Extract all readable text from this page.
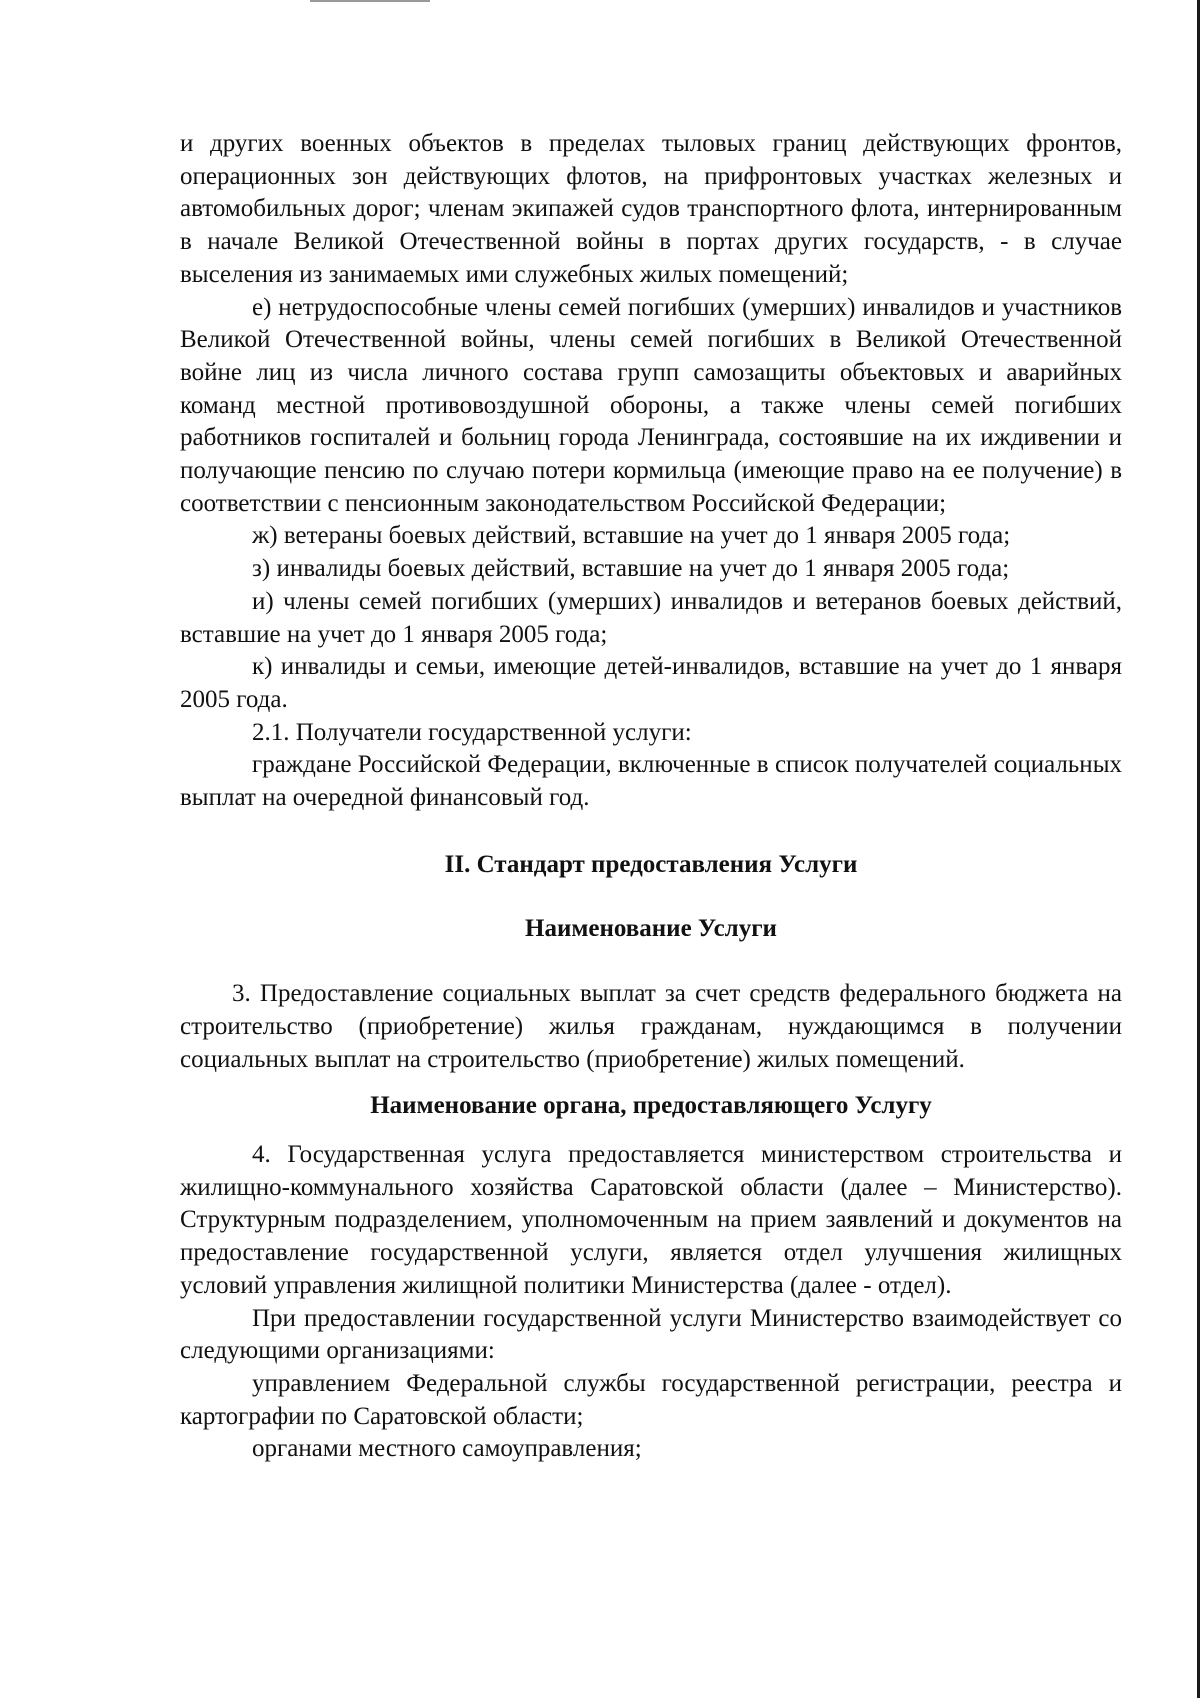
и других военных объектов в пределах тыловых границ действующих фронтов, операционных зон действующих флотов, на прифронтовых участках железных и автомобильных дорог; членам экипажей судов транспортного флота, интернированным в начале Великой Отечественной войны в портах других государств, - в случае выселения из занимаемых ими служебных жилых помещений;

е) нетрудоспособные члены семей погибших (умерших) инвалидов и участников Великой Отечественной войны, члены семей погибших в Великой Отечественной войне лиц из числа личного состава групп самозащиты объектовых и аварийных команд местной противовоздушной обороны, а также члены семей погибших работников госпиталей и больниц города Ленинграда, состоявшие на их иждивении и получающие пенсию по случаю потери кормильца (имеющие право на ее получение) в соответствии с пенсионным законодательством Российской Федерации;

ж) ветераны боевых действий, вставшие на учет до 1 января 2005 года;

з) инвалиды боевых действий, вставшие на учет до 1 января 2005 года;

и) члены семей погибших (умерших) инвалидов и ветеранов боевых действий, вставшие на учет до 1 января 2005 года;

к) инвалиды и семьи, имеющие детей-инвалидов, вставшие на учет до 1 января 2005 года.

2.1. Получатели государственной услуги:

граждане Российской Федерации, включенные в список получателей социальных выплат на очередной финансовый год.

II. Стандарт предоставления Услуги

Наименование Услуги

3. Предоставление социальных выплат за счет средств федерального бюджета на строительство (приобретение) жилья гражданам, нуждающимся в получении социальных выплат на строительство (приобретение) жилых помещений.

Наименование органа, предоставляющего Услугу

4. Государственная услуга предоставляется министерством строительства и жилищно-коммунального хозяйства Саратовской области (далее – Министерство). Структурным подразделением, уполномоченным на прием заявлений и документов на предоставление государственной услуги, является отдел улучшения жилищных условий управления жилищной политики Министерства (далее - отдел).

При предоставлении государственной услуги Министерство взаимодействует со следующими организациями:

управлением Федеральной службы государственной регистрации, реестра и картографии по Саратовской области;

органами местного самоуправления;
